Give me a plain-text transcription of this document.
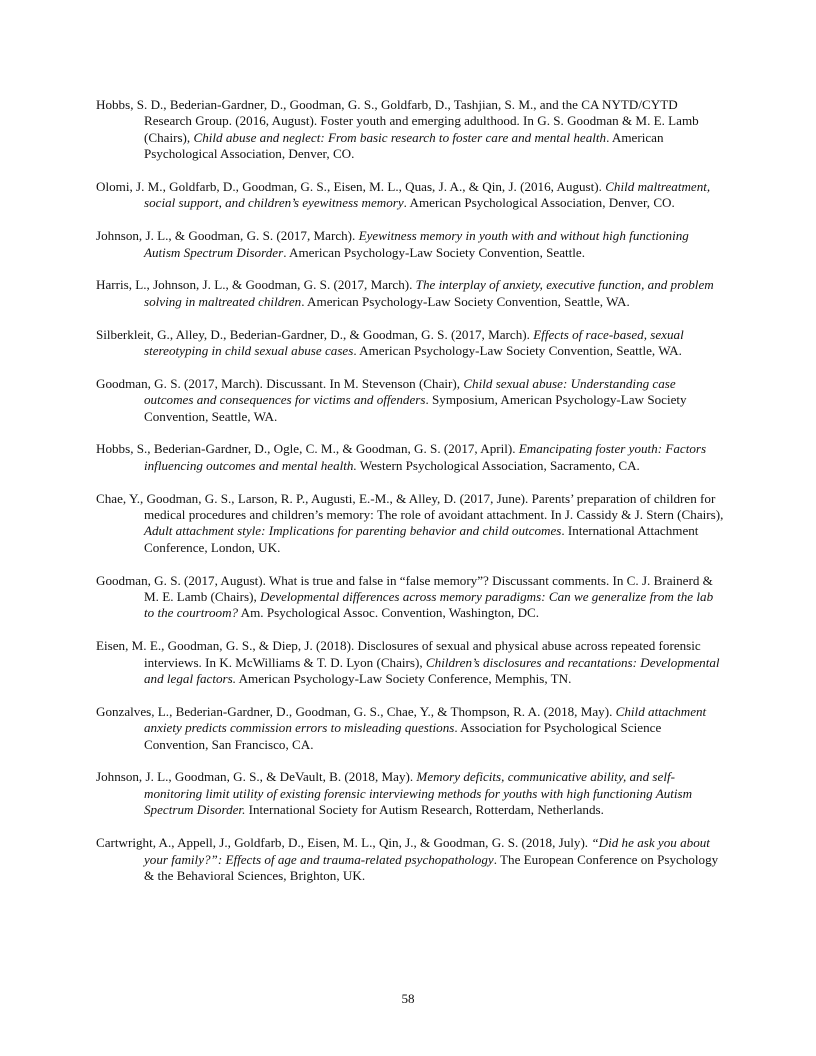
Hobbs, S. D., Bederian-Gardner, D., Goodman, G. S., Goldfarb, D., Tashjian, S. M., and the CA NYTD/CYTD Research Group. (2016, August). Foster youth and emerging adulthood. In G. S. Goodman & M. E. Lamb (Chairs), Child abuse and neglect: From basic research to foster care and mental health. American Psychological Association, Denver, CO.

Olomi, J. M., Goldfarb, D., Goodman, G. S., Eisen, M. L., Quas, J. A., & Qin, J. (2016, August). Child maltreatment, social support, and children’s eyewitness memory. American Psychological Association, Denver, CO.

Johnson, J. L., & Goodman, G. S. (2017, March). Eyewitness memory in youth with and without high functioning Autism Spectrum Disorder. American Psychology-Law Society Convention, Seattle.

Harris, L., Johnson, J. L., & Goodman, G. S. (2017, March). The interplay of anxiety, executive function, and problem solving in maltreated children. American Psychology-Law Society Convention, Seattle, WA.

Silberkleit, G., Alley, D., Bederian-Gardner, D., & Goodman, G. S. (2017, March). Effects of race-based, sexual stereotyping in child sexual abuse cases. American Psychology-Law Society Convention, Seattle, WA.

Goodman, G. S. (2017, March). Discussant. In M. Stevenson (Chair), Child sexual abuse: Understanding case outcomes and consequences for victims and offenders. Symposium, American Psychology-Law Society Convention, Seattle, WA.

Hobbs, S., Bederian-Gardner, D., Ogle, C. M., & Goodman, G. S. (2017, April). Emancipating foster youth: Factors influencing outcomes and mental health. Western Psychological Association, Sacramento, CA.

Chae, Y., Goodman, G. S., Larson, R. P., Augusti, E.-M., & Alley, D. (2017, June). Parents’ preparation of children for medical procedures and children’s memory: The role of avoidant attachment. In J. Cassidy & J. Stern (Chairs), Adult attachment style: Implications for parenting behavior and child outcomes. International Attachment Conference, London, UK.

Goodman, G. S. (2017, August). What is true and false in “false memory”? Discussant comments. In C. J. Brainerd & M. E. Lamb (Chairs), Developmental differences across memory paradigms: Can we generalize from the lab to the courtroom? Am. Psychological Assoc. Convention, Washington, DC.

Eisen, M. E., Goodman, G. S., & Diep, J. (2018). Disclosures of sexual and physical abuse across repeated forensic interviews. In K. McWilliams & T. D. Lyon (Chairs), Children’s disclosures and recantations: Developmental and legal factors. American Psychology-Law Society Conference, Memphis, TN.

Gonzalves, L., Bederian-Gardner, D., Goodman, G. S., Chae, Y., & Thompson, R. A. (2018, May). Child attachment anxiety predicts commission errors to misleading questions. Association for Psychological Science Convention, San Francisco, CA.

Johnson, J. L., Goodman, G. S., & DeVault, B. (2018, May). Memory deficits, communicative ability, and self-monitoring limit utility of existing forensic interviewing methods for youths with high functioning Autism Spectrum Disorder. International Society for Autism Research, Rotterdam, Netherlands.

Cartwright, A., Appell, J., Goldfarb, D., Eisen, M. L., Qin, J., & Goodman, G. S. (2018, July). “Did he ask you about your family?”: Effects of age and trauma-related psychopathology. The European Conference on Psychology & the Behavioral Sciences, Brighton, UK.

58
